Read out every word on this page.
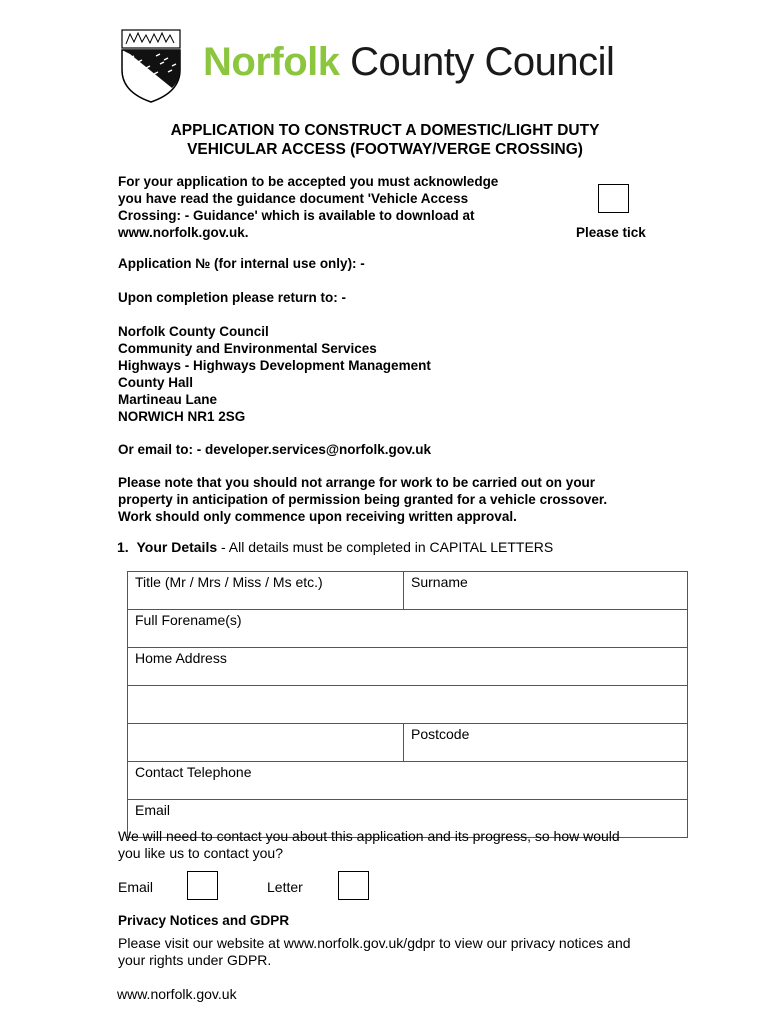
Norfolk County Council
APPLICATION TO CONSTRUCT A DOMESTIC/LIGHT DUTY
VEHICULAR ACCESS (FOOTWAY/VERGE CROSSING)
For your application to be accepted you must acknowledge
you have read the guidance document 'Vehicle Access
Crossing: - Guidance' which is available to download at
www.norfolk.gov.uk.	Please tick
Application № (for internal use only): -
Upon completion please return to: -
Norfolk County Council
Community and Environmental Services
Highways - Highways Development Management
County Hall
Martineau Lane
NORWICH NR1 2SG
Or email to: - developer.services@norfolk.gov.uk
Please note that you should not arrange for work to be carried out on your
property in anticipation of permission being granted for a vehicle crossover.
Work should only commence upon receiving written approval.
1. Your Details - All details must be completed in CAPITAL LETTERS
Title (Mr / Mrs / Miss / Ms etc.)	Surname
Full Forename(s)	
Home Address	

	Postcode
Contact Telephone	
Email	
We will need to contact you about this application and its progress, so how would
you like us to contact you?
Email	Letter
Privacy Notices and GDPR
Please visit our website at www.norfolk.gov.uk/gdpr to view our privacy notices and
your rights under GDPR.
www.norfolk.gov.uk
